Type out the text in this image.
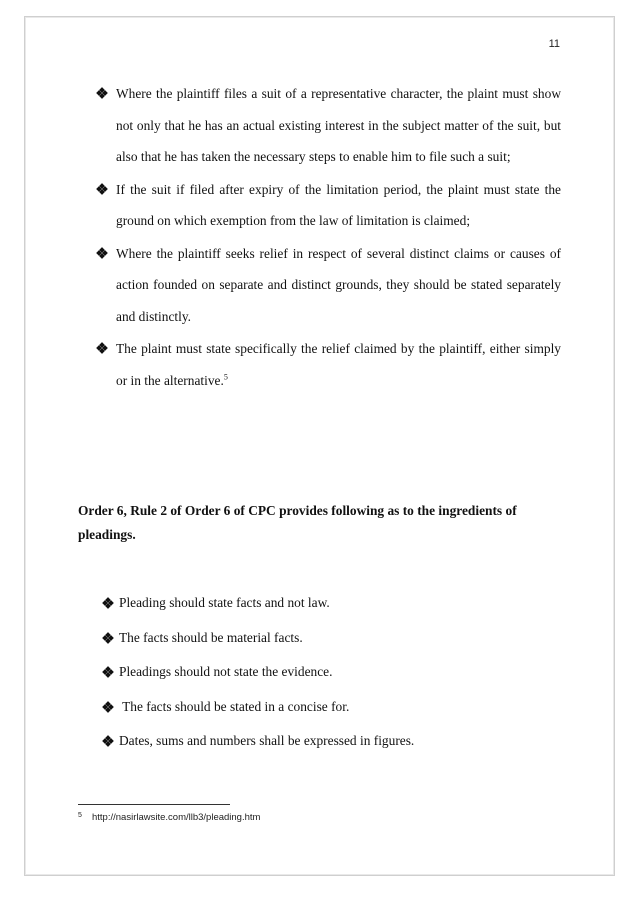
11
Where the plaintiff files a suit of a representative character, the plaint must show not only that he has an actual existing interest in the subject matter of the suit, but also that he has taken the necessary steps to enable him to file such a suit;
If the suit if filed after expiry of the limitation period, the plaint must state the ground on which exemption from the law of limitation is claimed;
Where the plaintiff seeks relief in respect of several distinct claims or causes of action founded on separate and distinct grounds, they should be stated separately and distinctly.
The plaint must state specifically the relief claimed by the plaintiff, either simply or in the alternative.$^5$

Order 6, Rule 2 of Order 6 of CPC provides following as to the ingredients of pleadings.

Pleading should state facts and not law.
The facts should be material facts.
Pleadings should not state the evidence.
The facts should be stated in a concise for.
Dates, sums and numbers shall be expressed in figures.
5 http://nasirlawsite.com/llb3/pleading.htm
